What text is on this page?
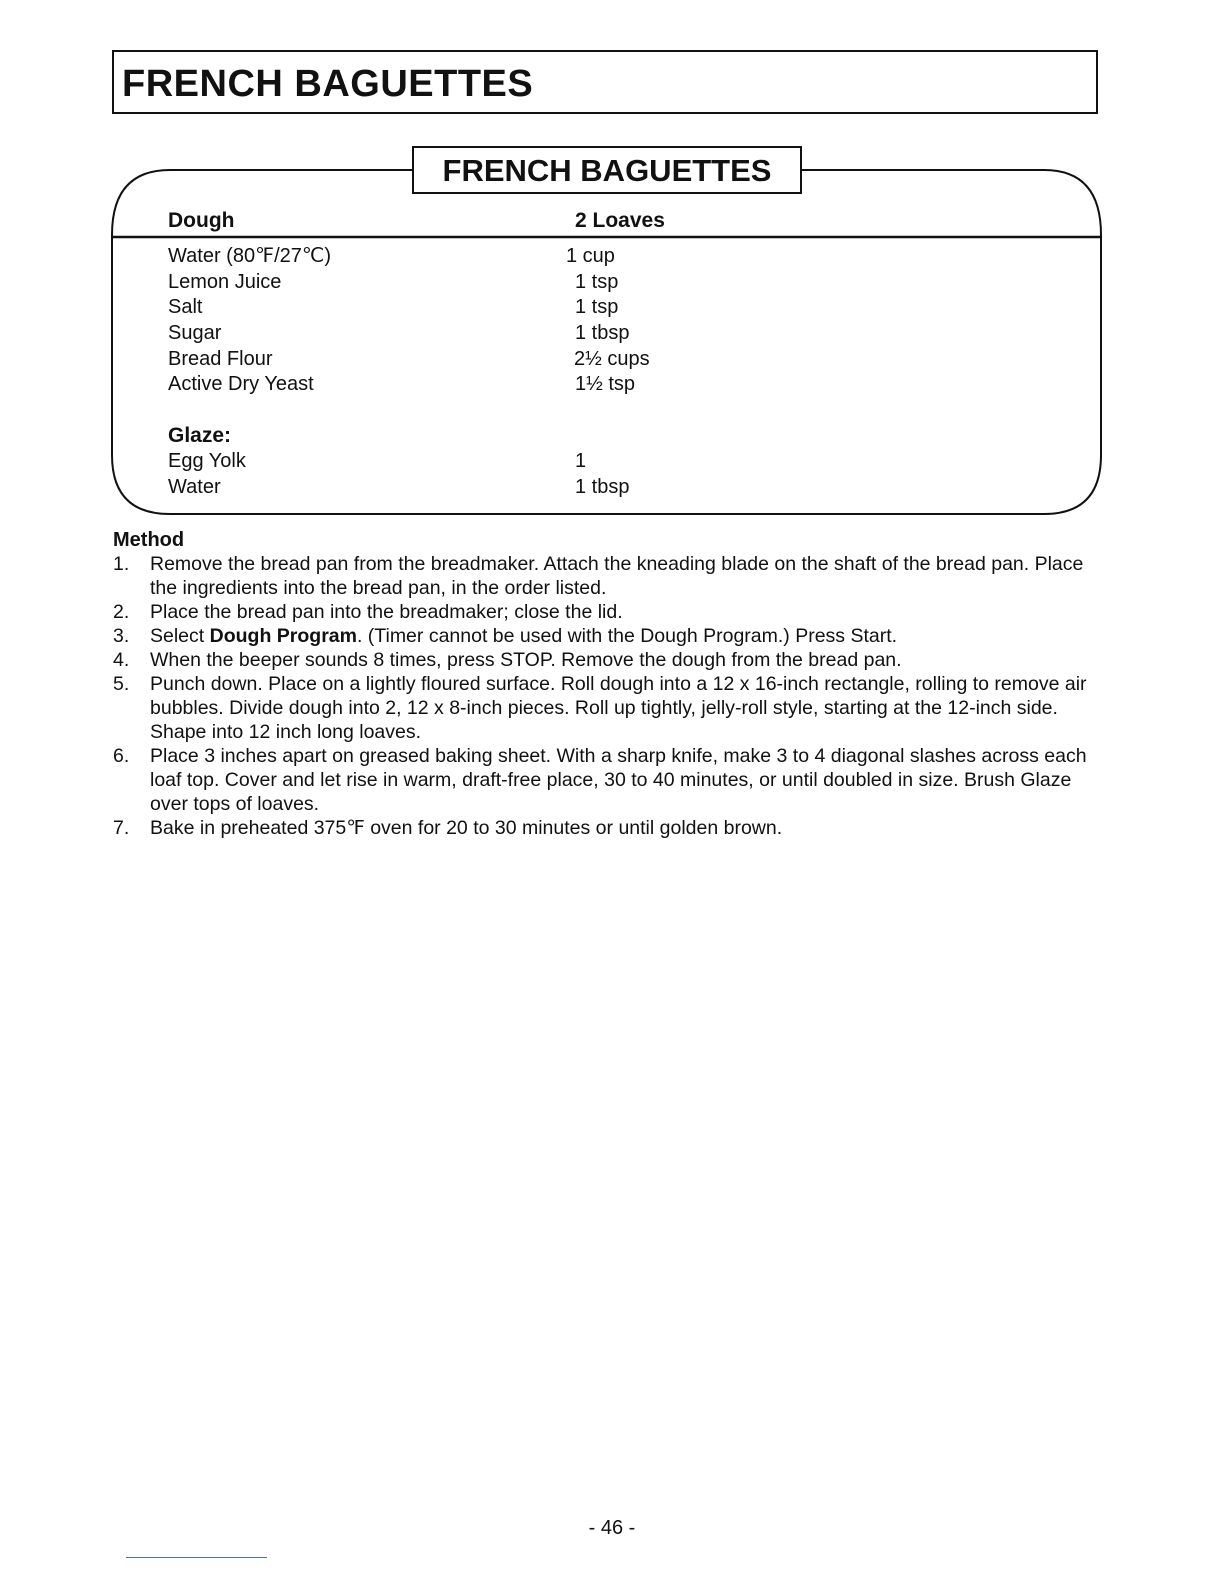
FRENCH BAGUETTES
FRENCH BAGUETTES
Dough	2 Loaves
Water (80℉/27℃)	1 cup
Lemon Juice	1 tsp
Salt	1 tsp
Sugar	1 tbsp
Bread Flour	2½ cups
Active Dry Yeast	1½ tsp
Glaze:
Egg Yolk	1
Water	1 tbsp
Method
1. Remove the bread pan from the breadmaker. Attach the kneading blade on the shaft of the bread pan. Place the ingredients into the bread pan, in the order listed.
2. Place the bread pan into the breadmaker; close the lid.
3. Select Dough Program. (Timer cannot be used with the Dough Program.) Press Start.
4. When the beeper sounds 8 times, press STOP. Remove the dough from the bread pan.
5. Punch down. Place on a lightly floured surface. Roll dough into a 12 x 16-inch rectangle, rolling to remove air bubbles. Divide dough into 2, 12 x 8-inch pieces. Roll up tightly, jelly-roll style, starting at the 12-inch side. Shape into 12 inch long loaves.
6. Place 3 inches apart on greased baking sheet. With a sharp knife, make 3 to 4 diagonal slashes across each loaf top. Cover and let rise in warm, draft-free place, 30 to 40 minutes, or until doubled in size. Brush Glaze over tops of loaves.
7. Bake in preheated 375℉ oven for 20 to 30 minutes or until golden brown.
- 46 -
